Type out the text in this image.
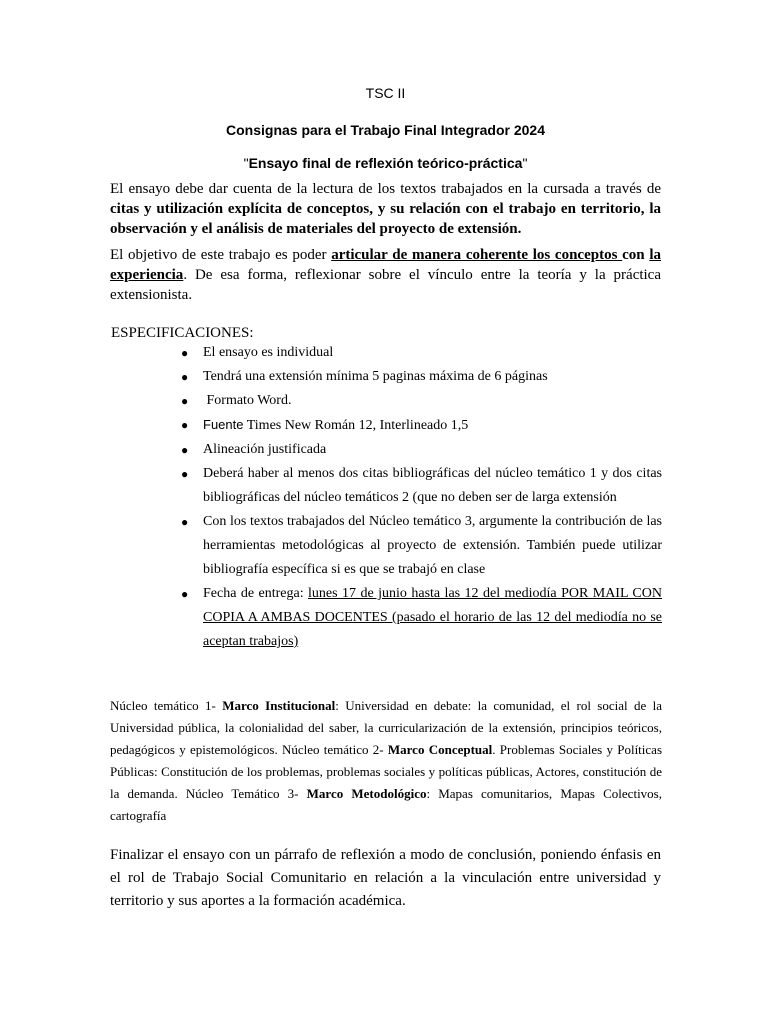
TSC II
Consignas para el Trabajo Final Integrador 2024
"Ensayo final de reflexión teórico-práctica"
El ensayo debe dar cuenta de la lectura de los textos trabajados en la cursada a través de citas y utilización explícita de conceptos, y su relación con el trabajo en territorio, la observación y el análisis de materiales del proyecto de extensión.
El objetivo de este trabajo es poder articular de manera coherente los conceptos con la experiencia. De esa forma, reflexionar sobre el vínculo entre la teoría y la práctica extensionista.
ESPECIFICACIONES:
● El ensayo es individual
● Tendrá una extensión mínima 5 paginas máxima de 6 páginas
● Formato Word.
● Fuente Times New Román 12, Interlineado 1,5
● Alineación justificada
● Deberá haber al menos dos citas bibliográficas del núcleo temático 1 y dos citas bibliográficas del núcleo temáticos 2 (que no deben ser de larga extensión
● Con los textos trabajados del Núcleo temático 3, argumente la contribución de las herramientas metodológicas al proyecto de extensión. También puede utilizar bibliografía específica si es que se trabajó en clase
● Fecha de entrega: lunes 17 de junio hasta las 12 del mediodía POR MAIL CON COPIA A AMBAS DOCENTES (pasado el horario de las 12 del mediodía no se aceptan trabajos)
Núcleo temático 1- Marco Institucional: Universidad en debate: la comunidad, el rol social de la Universidad pública, la colonialidad del saber, la curricularización de la extensión, principios teóricos, pedagógicos y epistemológicos. Núcleo temático 2- Marco Conceptual. Problemas Sociales y Políticas Públicas: Constitución de los problemas, problemas sociales y políticas públicas, Actores, constitución de la demanda. Núcleo Temático 3- Marco Metodológico: Mapas comunitarios, Mapas Colectivos, cartografía
Finalizar el ensayo con un párrafo de reflexión a modo de conclusión, poniendo énfasis en el rol de Trabajo Social Comunitario en relación a la vinculación entre universidad y territorio y sus aportes a la formación académica.
